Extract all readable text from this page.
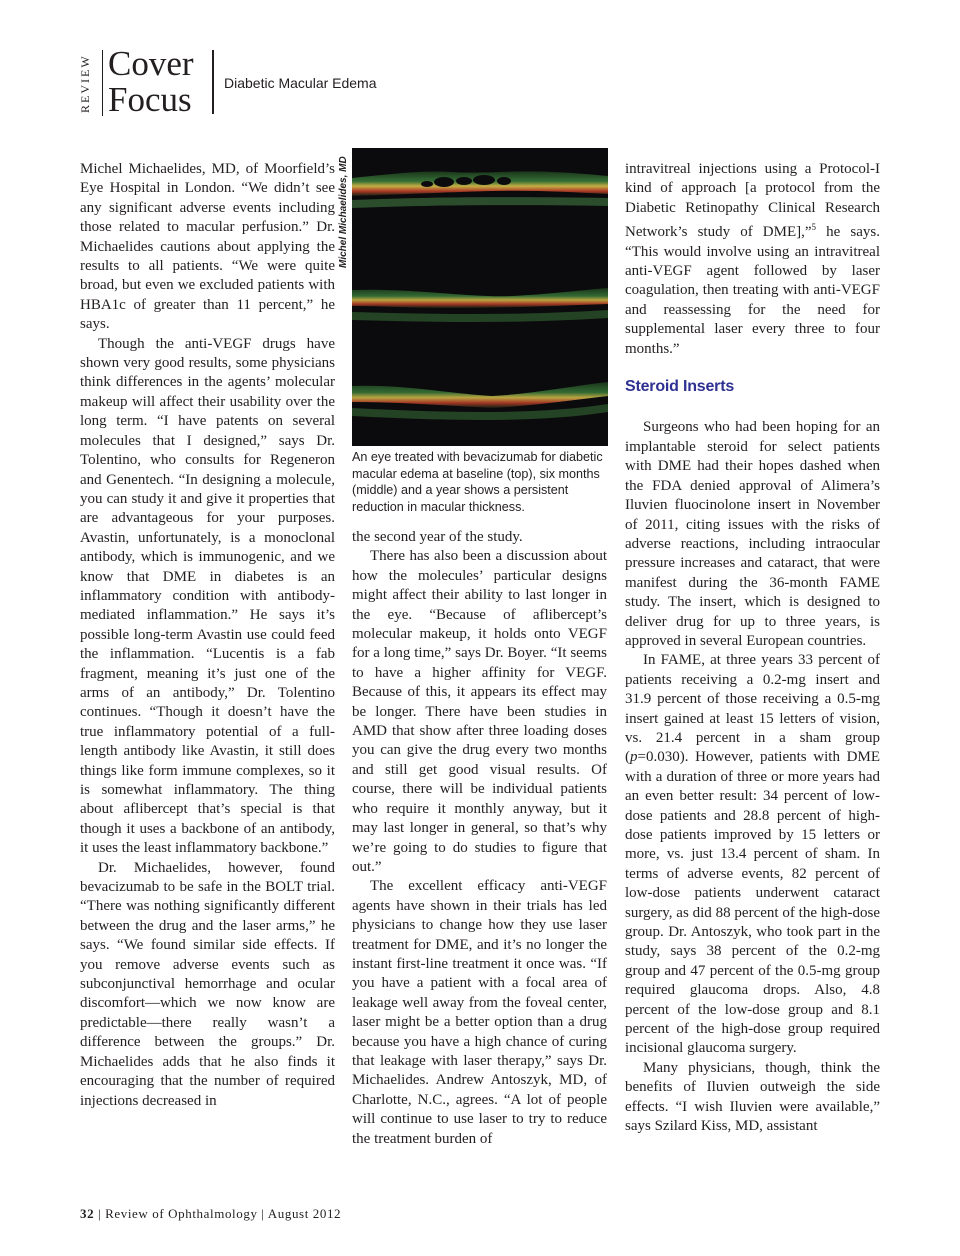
REVIEW Cover
Focus Diabetic Macular Edema

Michel Michaelides, MD, of Moorfield’s Eye Hospital in London. “We didn’t see any significant adverse events including those related to macular perfusion.” Dr. Michaelides cautions about applying the results to all patients. “We were quite broad, but even we excluded patients with HBA1c of greater than 11 percent,” he says.

Though the anti-VEGF drugs have shown very good results, some physicians think differences in the agents’ molecular makeup will affect their usability over the long term. “I have patents on several molecules that I designed,” says Dr. Tolentino, who consults for Regeneron and Genentech. “In designing a molecule, you can study it and give it properties that are advantageous for your purposes. Avastin, unfortunately, is a monoclonal antibody, which is immunogenic, and we know that DME in diabetes is an inflammatory condition with antibody-mediated inflammation.” He says it’s possible long-term Avastin use could feed the inflammation. “Lucentis is a fab fragment, meaning it’s just one of the arms of an antibody,” Dr. Tolentino continues. “Though it doesn’t have the true inflammatory potential of a full-length antibody like Avastin, it still does things like form immune complexes, so it is somewhat inflammatory. The thing about aflibercept that’s special is that though it uses a backbone of an antibody, it uses the least inflammatory backbone.”

Dr. Michaelides, however, found bevacizumab to be safe in the BOLT trial. “There was nothing significantly different between the drug and the laser arms,” he says. “We found similar side effects. If you remove adverse events such as subconjunctival hemorrhage and ocular discomfort—which we now know are predictable—there really wasn’t a difference between the groups.” Dr. Michaelides adds that he also finds it encouraging that the number of required injections decreased in

Michel Michaelides, MD
An eye treated with bevacizumab for diabetic macular edema at baseline (top), six months (middle) and a year shows a persistent reduction in macular thickness.

the second year of the study.

There has also been a discussion about how the molecules’ particular designs might affect their ability to last longer in the eye. “Because of aflibercept’s molecular makeup, it holds onto VEGF for a long time,” says Dr. Boyer. “It seems to have a higher affinity for VEGF. Because of this, it appears its effect may be longer. There have been studies in AMD that show after three loading doses you can give the drug every two months and still get good visual results. Of course, there will be individual patients who require it monthly anyway, but it may last longer in general, so that’s why we’re going to do studies to figure that out.”

The excellent efficacy anti-VEGF agents have shown in their trials has led physicians to change how they use laser treatment for DME, and it’s no longer the instant first-line treatment it once was. “If you have a patient with a focal area of leakage well away from the foveal center, laser might be a better option than a drug because you have a high chance of curing that leakage with laser therapy,” says Dr. Michaelides. Andrew Antoszyk, MD, of Charlotte, N.C., agrees. “A lot of people will continue to use laser to try to reduce the treatment burden of

intravitreal injections using a Protocol-I kind of approach [a protocol from the Diabetic Retinopathy Clinical Research Network’s study of DME],”$^5$ he says. “This would involve using an intravitreal anti-VEGF agent followed by laser coagulation, then treating with anti-VEGF and reassessing for the need for supplemental laser every three to four months.”

Steroid Inserts

Surgeons who had been hoping for an implantable steroid for select patients with DME had their hopes dashed when the FDA denied approval of Alimera’s Iluvien fluocinolone insert in November of 2011, citing issues with the risks of adverse reactions, including intraocular pressure increases and cataract, that were manifest during the 36-month FAME study. The insert, which is designed to deliver drug for up to three years, is approved in several European countries.

In FAME, at three years 33 percent of patients receiving a 0.2-mg insert and 31.9 percent of those receiving a 0.5-mg insert gained at least 15 letters of vision, vs. 21.4 percent in a sham group (p=0.030). However, patients with DME with a duration of three or more years had an even better result: 34 percent of low-dose patients and 28.8 percent of high-dose patients improved by 15 letters or more, vs. just 13.4 percent of sham. In terms of adverse events, 82 percent of low-dose patients underwent cataract surgery, as did 88 percent of the high-dose group. Dr. Antoszyk, who took part in the study, says 38 percent of the 0.2-mg group and 47 percent of the 0.5-mg group required glaucoma drops. Also, 4.8 percent of the low-dose group and 8.1 percent of the high-dose group required incisional glaucoma surgery.

Many physicians, though, think the benefits of Iluvien outweigh the side effects. “I wish Iluvien were available,” says Szilard Kiss, MD, assistant

32 | Review of Ophthalmology | August 2012
